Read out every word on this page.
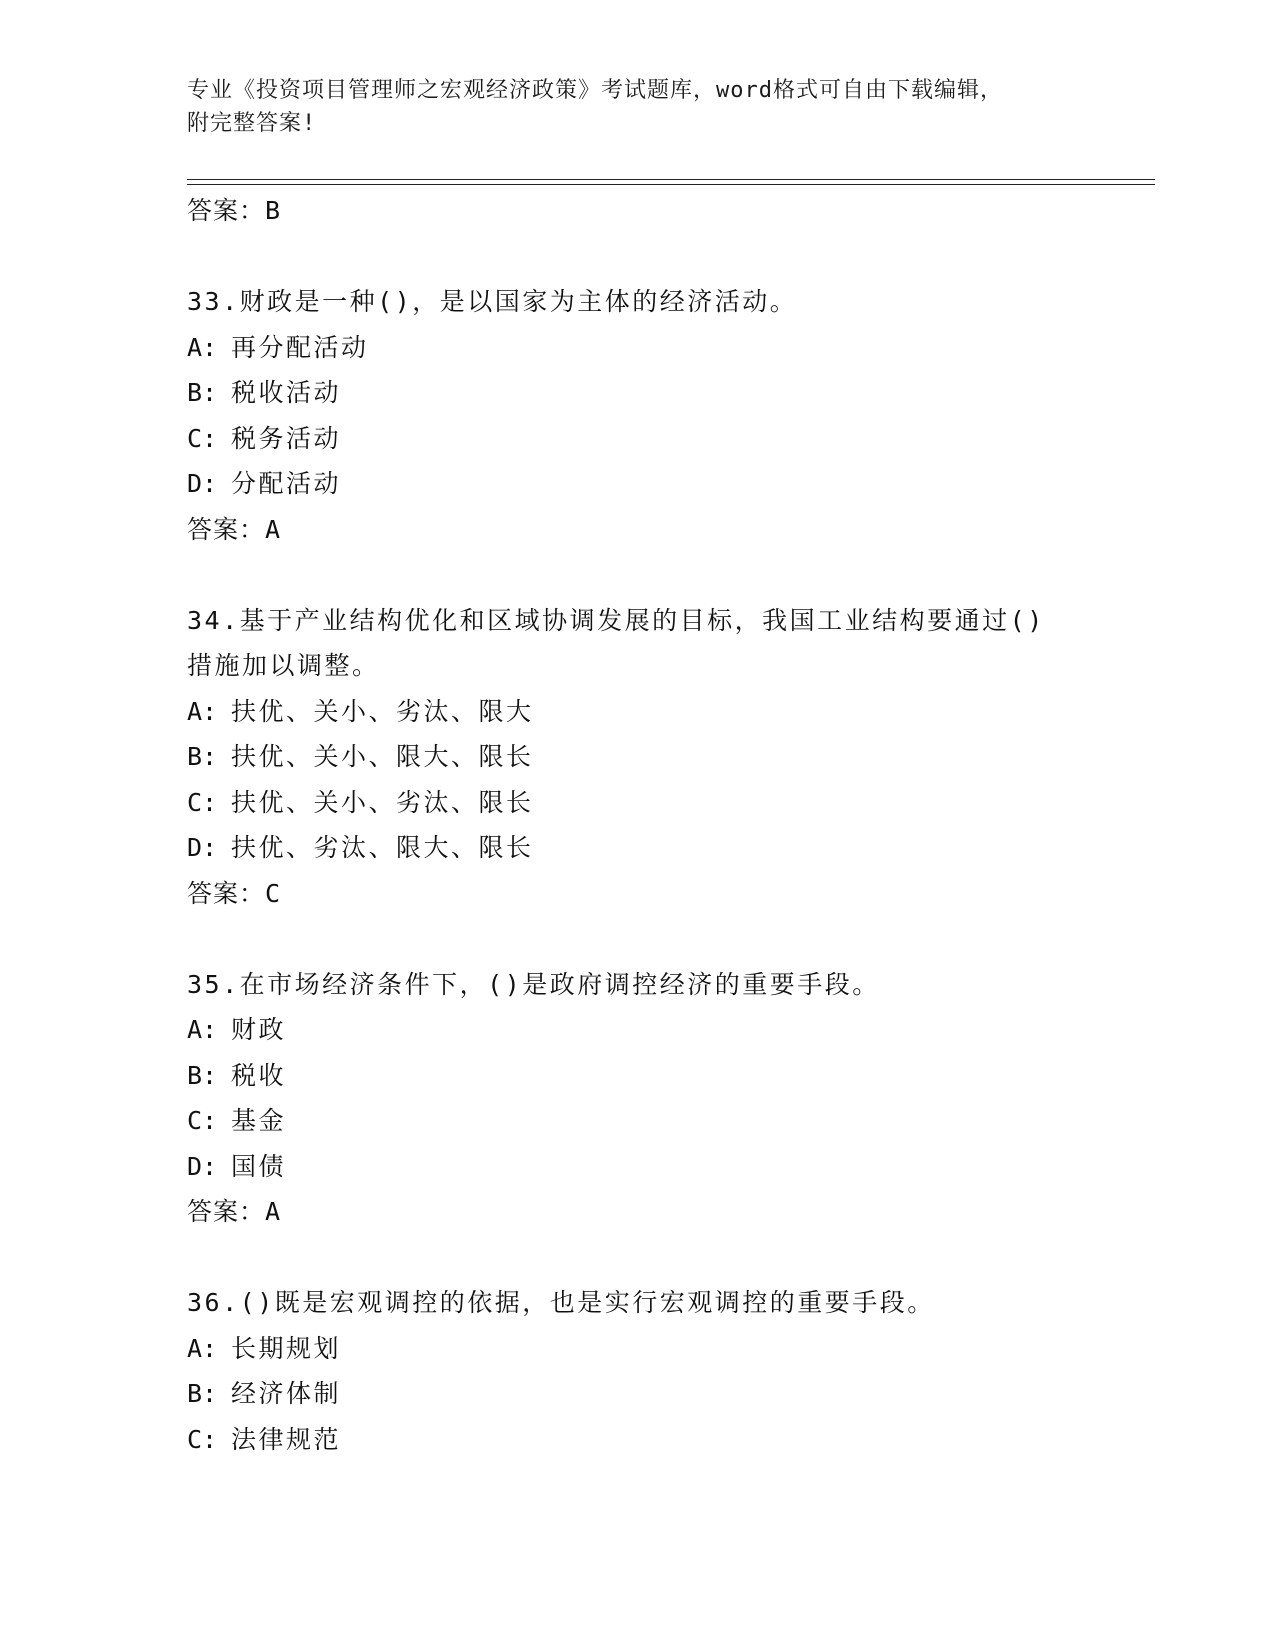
专业《投资项目管理师之宏观经济政策》考试题库，word格式可自由下载编辑，
附完整答案!
答案：B
33.财政是一种()，是以国家为主体的经济活动。
A: 再分配活动
B: 税收活动
C: 税务活动
D: 分配活动
答案：A
34.基于产业结构优化和区域协调发展的目标，我国工业结构要通过()
措施加以调整。
A: 扶优、关小、劣汰、限大
B: 扶优、关小、限大、限长
C: 扶优、关小、劣汰、限长
D: 扶优、劣汰、限大、限长
答案：C
35.在市场经济条件下，()是政府调控经济的重要手段。
A: 财政
B: 税收
C: 基金
D: 国债
答案：A
36.()既是宏观调控的依据，也是实行宏观调控的重要手段。
A: 长期规划
B: 经济体制
C: 法律规范
